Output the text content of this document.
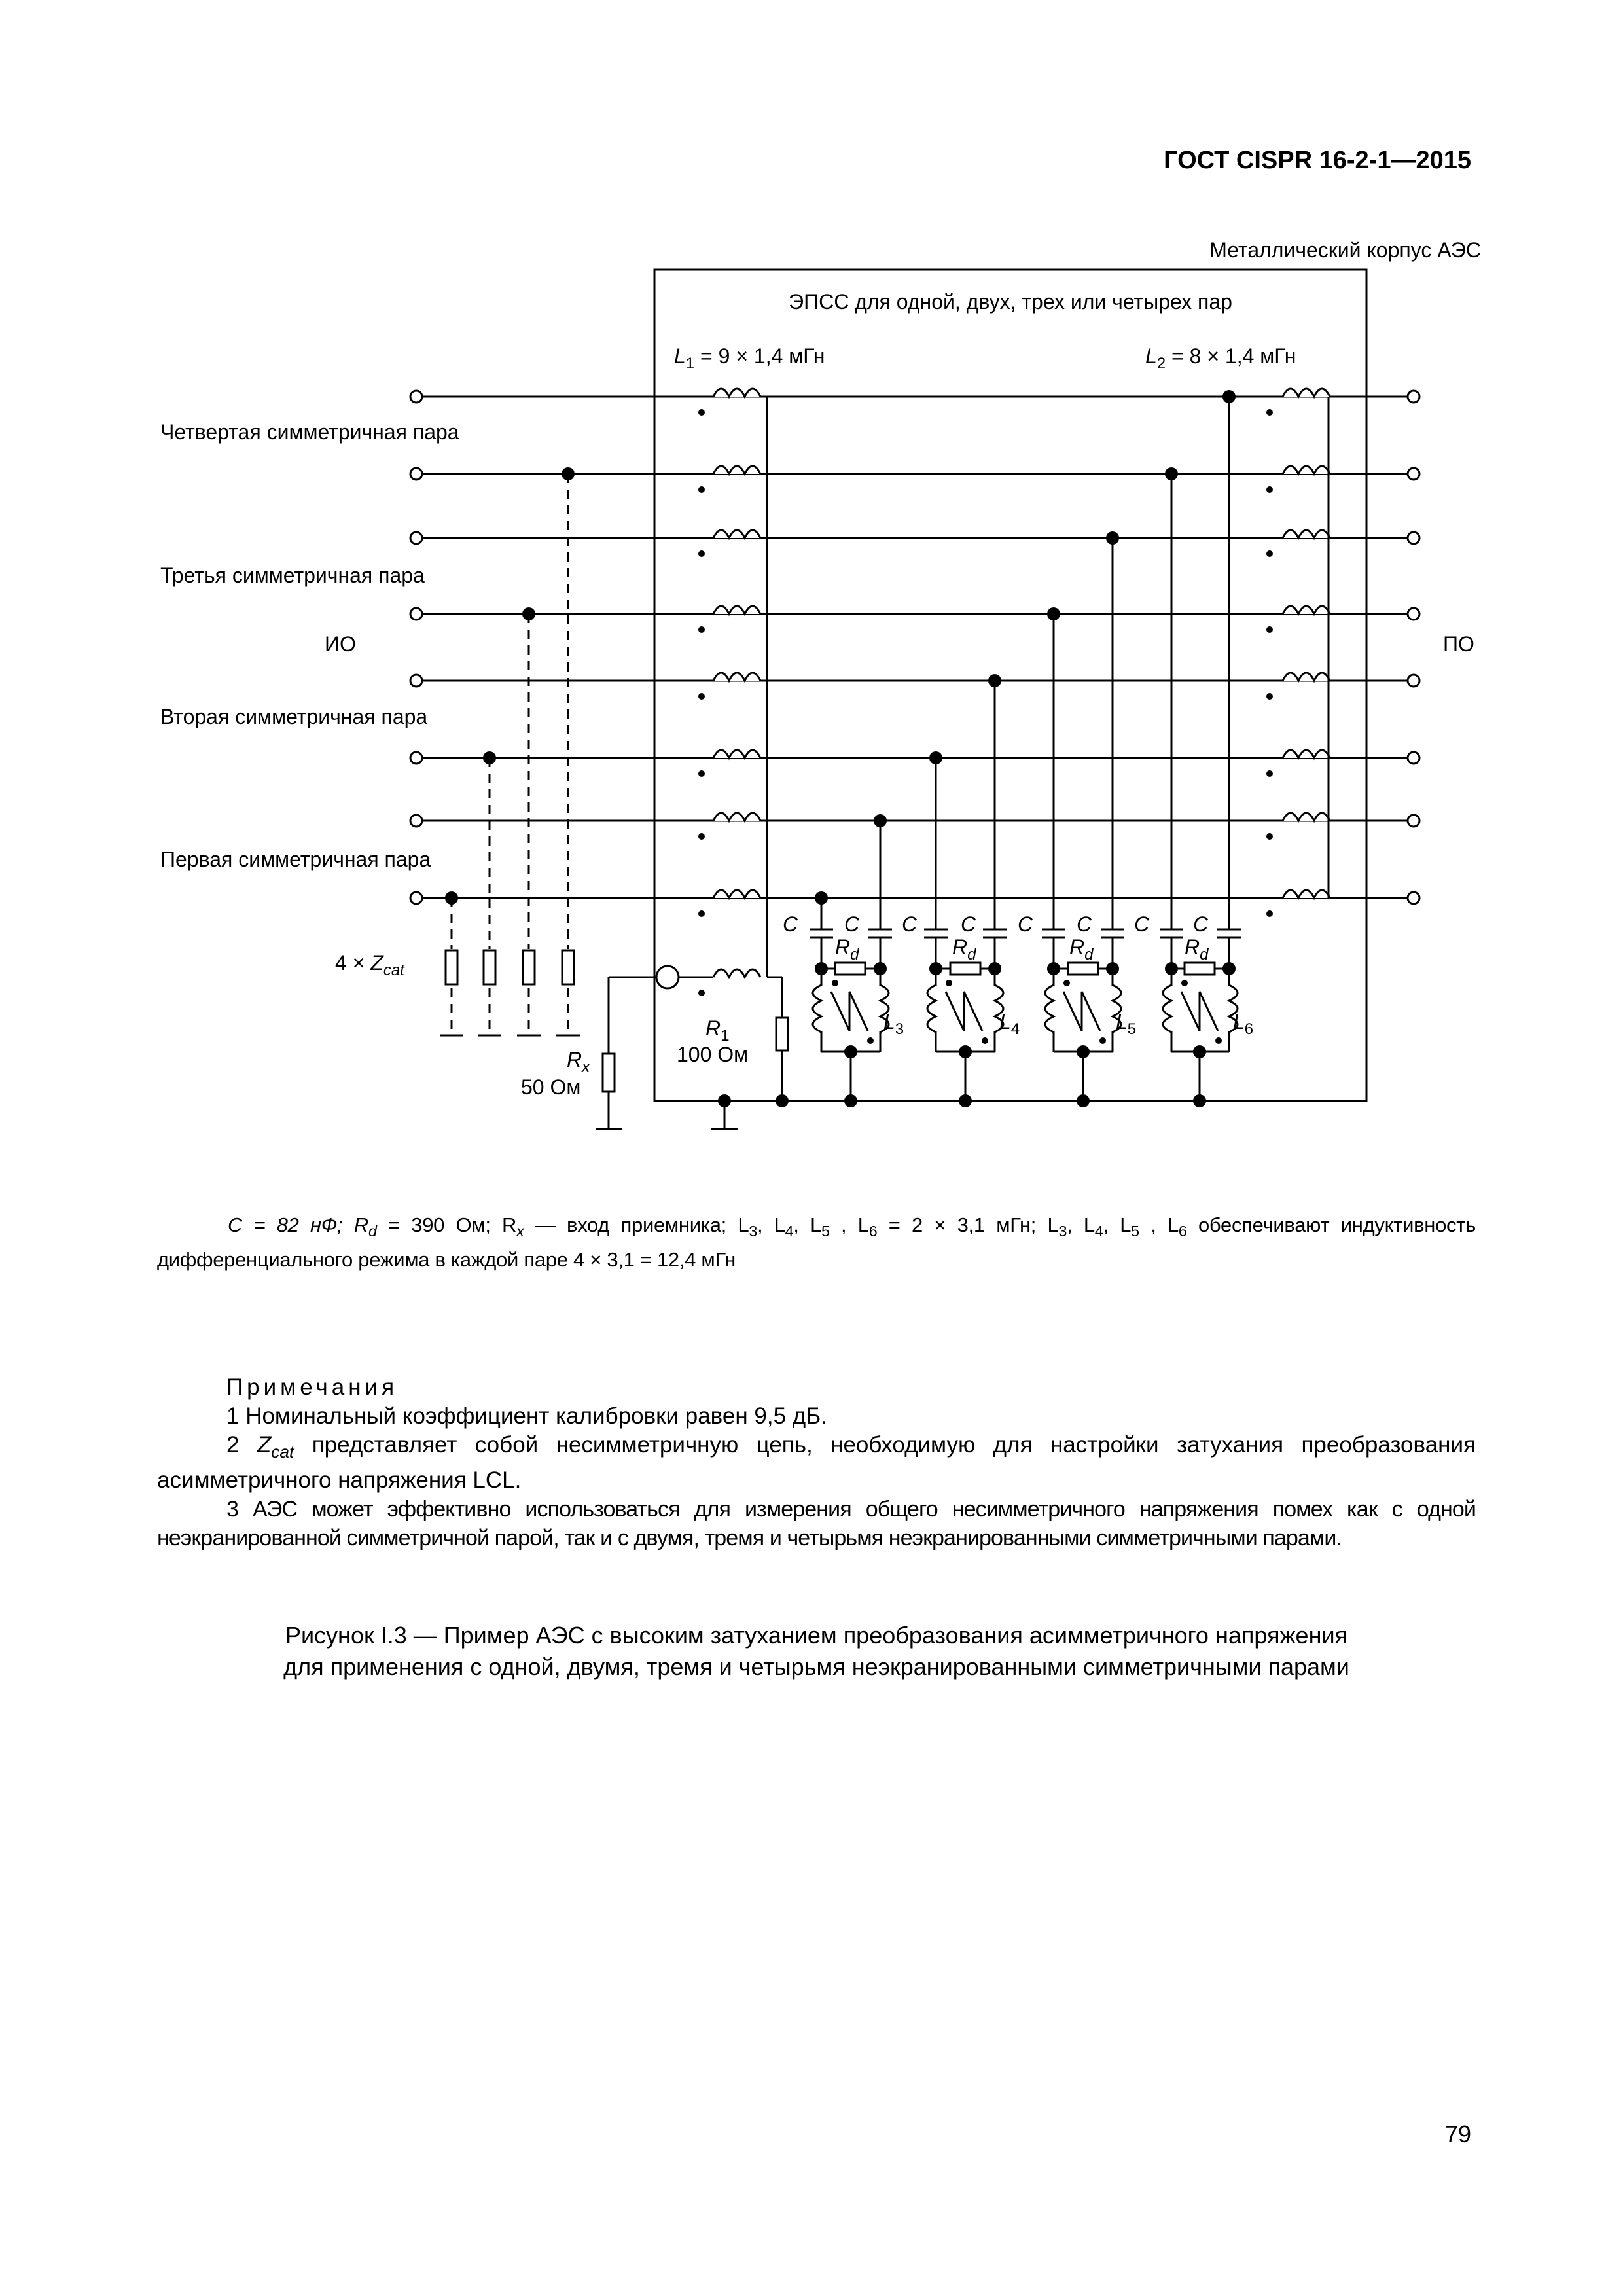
ГОСТ CISPR 16-2-1—2015
Металлический корпус АЭС
ЭПСС для одной, двух, трех или четырех пар
$L_1 = 9 \times 1,4$ мГн	$L_2 = 8 \times 1,4$ мГн
Четвертая симметричная пара
Третья симметричная пара
Вторая симметричная пара
Первая симметричная пара
ИО	ПО
$4 \times Z_{cat}$
$R_1$
100 Ом
$R_x$
50 Ом
C C C C C C C C
$R_d$	$R_d$	$R_d$	$R_d$
$L_3$	$L_4$	$L_5$	$L_6$
C = 82 нФ; $R_d = 390$ Ом; $R_x$ — вход приемника; $L_3$, $L_4$, $L_5$ , $L_6 = 2 \times 3,1$ мГн; $L_3$, $L_4$, $L_5$ , $L_6$ обеспечивают индуктивность дифференциального режима в каждой паре 4 × 3,1 = 12,4 мГн
Примечания

1 Номинальный коэффициент калибровки равен 9,5 дБ.

2 $Z_{cat}$ представляет собой несимметричную цепь, необходимую для настройки затухания преобразования асимметричного напряжения LCL.

3 АЭС может эффективно использоваться для измерения общего несимметричного напряжения помех как с одной неэкранированной симметричной парой, так и с двумя, тремя и четырьмя неэкранированными симметричными парами.

Рисунок I.3 — Пример АЭС с высоким затуханием преобразования асимметричного напряжения
для применения с одной, двумя, тремя и четырьмя неэкранированными симметричными парами
79
